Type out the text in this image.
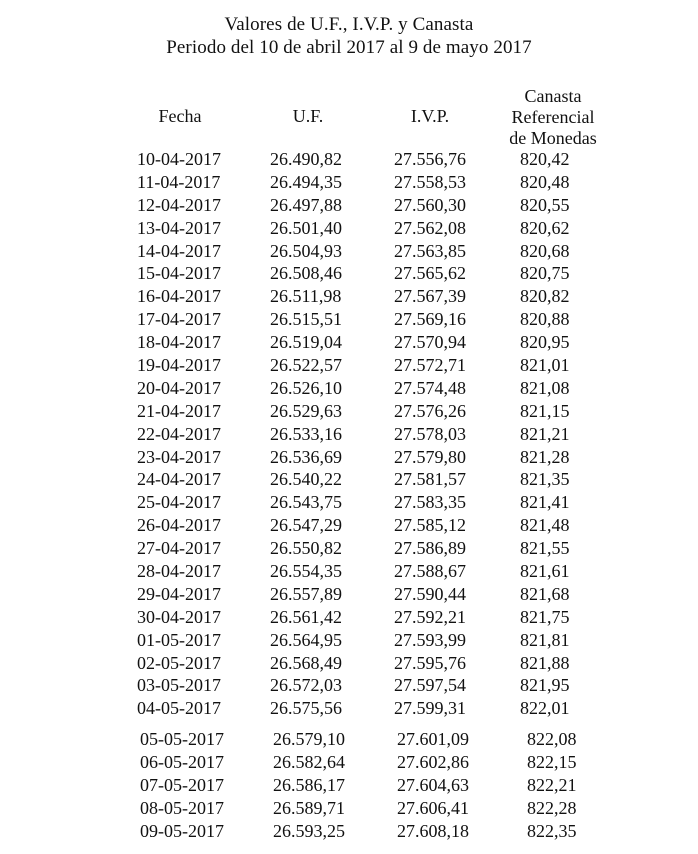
Valores de U.F., I.V.P. y Canasta
Periodo del 10 de abril 2017 al 9 de mayo 2017
Fecha	U.F.	I.V.P.
Canasta
Referencial
de Monedas
10-04-2017	26.490,82	27.556,76	820,42
11-04-2017	26.494,35	27.558,53	820,48
12-04-2017	26.497,88	27.560,30	820,55
13-04-2017	26.501,40	27.562,08	820,62
14-04-2017	26.504,93	27.563,85	820,68
15-04-2017	26.508,46	27.565,62	820,75
16-04-2017	26.511,98	27.567,39	820,82
17-04-2017	26.515,51	27.569,16	820,88
18-04-2017	26.519,04	27.570,94	820,95
19-04-2017	26.522,57	27.572,71	821,01
20-04-2017	26.526,10	27.574,48	821,08
21-04-2017	26.529,63	27.576,26	821,15
22-04-2017	26.533,16	27.578,03	821,21
23-04-2017	26.536,69	27.579,80	821,28
24-04-2017	26.540,22	27.581,57	821,35
25-04-2017	26.543,75	27.583,35	821,41
26-04-2017	26.547,29	27.585,12	821,48
27-04-2017	26.550,82	27.586,89	821,55
28-04-2017	26.554,35	27.588,67	821,61
29-04-2017	26.557,89	27.590,44	821,68
30-04-2017	26.561,42	27.592,21	821,75
01-05-2017	26.564,95	27.593,99	821,81
02-05-2017	26.568,49	27.595,76	821,88
03-05-2017	26.572,03	27.597,54	821,95
04-05-2017	26.575,56	27.599,31	822,01
05-05-2017	26.579,10	27.601,09	822,08
06-05-2017	26.582,64	27.602,86	822,15
07-05-2017	26.586,17	27.604,63	822,21
08-05-2017	26.589,71	27.606,41	822,28
09-05-2017	26.593,25	27.608,18	822,35
